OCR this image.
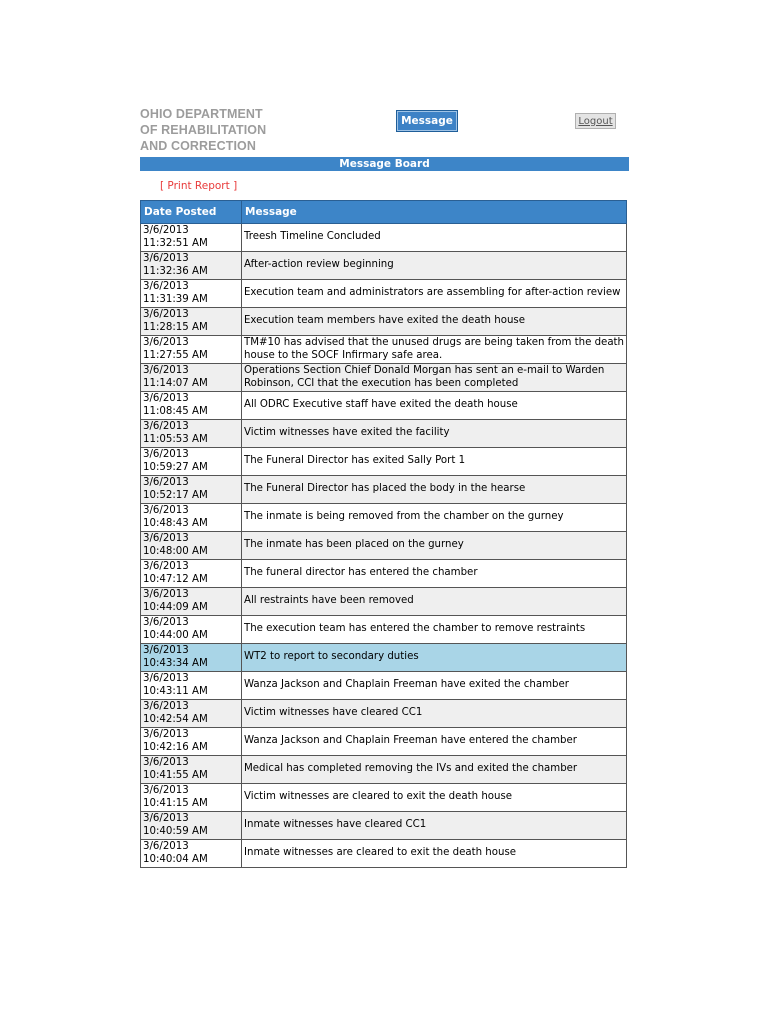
OHIO DEPARTMENT
OF REHABILITATION
AND CORRECTION
Message	Logout
Message Board
[ Print Report ]
Date Posted	Message

3/6/2013
11:32:51 AM	Treesh Timeline Concluded

3/6/2013
11:32:36 AM	After-action review beginning

3/6/2013
11:31:39 AM	Execution team and administrators are assembling for after-action review

3/6/2013
11:28:15 AM	Execution team members have exited the death house

3/6/2013
11:27:55 AM	TM#10 has advised that the unused drugs are being taken from the death house to the SOCF Infirmary safe area.

3/6/2013
11:14:07 AM	Operations Section Chief Donald Morgan has sent an e-mail to Warden Robinson, CCI that the execution has been completed

3/6/2013
11:08:45 AM	All ODRC Executive staff have exited the death house

3/6/2013
11:05:53 AM	Victim witnesses have exited the facility

3/6/2013
10:59:27 AM	The Funeral Director has exited Sally Port 1

3/6/2013
10:52:17 AM	The Funeral Director has placed the body in the hearse

3/6/2013
10:48:43 AM	The inmate is being removed from the chamber on the gurney

3/6/2013
10:48:00 AM	The inmate has been placed on the gurney

3/6/2013
10:47:12 AM	The funeral director has entered the chamber

3/6/2013
10:44:09 AM	All restraints have been removed

3/6/2013
10:44:00 AM	The execution team has entered the chamber to remove restraints

3/6/2013
10:43:34 AM	WT2 to report to secondary duties

3/6/2013
10:43:11 AM	Wanza Jackson and Chaplain Freeman have exited the chamber

3/6/2013
10:42:54 AM	Victim witnesses have cleared CC1

3/6/2013
10:42:16 AM	Wanza Jackson and Chaplain Freeman have entered the chamber

3/6/2013
10:41:55 AM	Medical has completed removing the IVs and exited the chamber

3/6/2013
10:41:15 AM	Victim witnesses are cleared to exit the death house

3/6/2013
10:40:59 AM	Inmate witnesses have cleared CC1

3/6/2013
10:40:04 AM	Inmate witnesses are cleared to exit the death house
